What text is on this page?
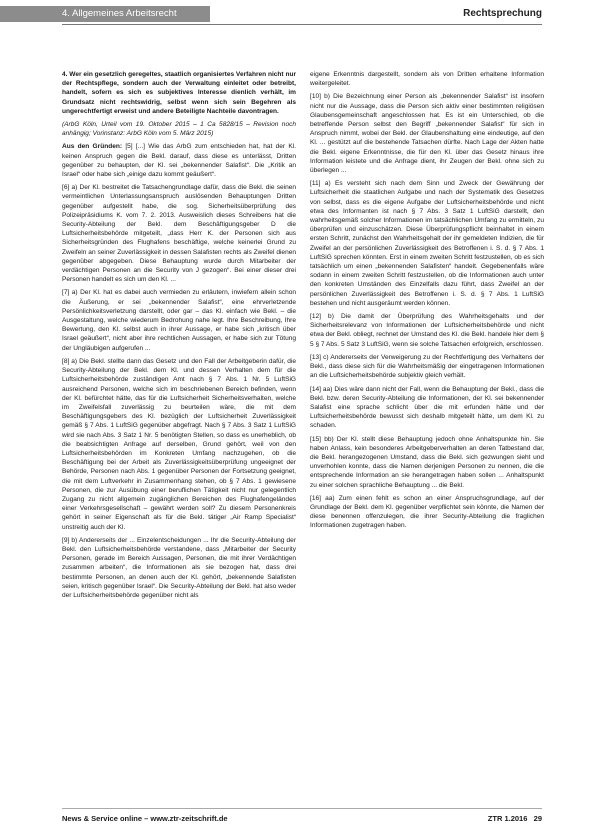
4. Allgemeines Arbeitsrecht	Rechtsprechung

4. Wer ein gesetzlich geregeltes, staatlich organisiertes Verfahren nicht nur der Rechtspflege, sondern auch der Verwaltung einleitet oder betreibt, handelt, sofern es sich es subjektives Interesse dienlich verhält, im Grundsatz nicht rechtswidrig, selbst wenn sich sein Begehren als ungerechtfertigt erweist und andere Beteiligte Nachteile davontragen.

(ArbG Köln, Urteil vom 19. Oktober 2015 – 1 Ca 5828/15 – Revision noch anhängig; Vorinstanz: ArbG Köln vom 5. März 2015)

Aus den Gründen: [5] [...] Wie das ArbG zum entschieden hat, hat der Kl. keinen Anspruch gegen die Bekl. darauf, dass diese es unterlässt, Dritten gegenüber zu behaupten, der Kl. sei „bekennender Salafist“. Die „Kritik an Israel“ oder habe sich „einige dazu kommt geäußert“.

[6] a) Der Kl. bestreitet die Tatsachengrundlage dafür, dass die Bekl. die seinen vermeintlichen Unterlassungsanspruch auslösenden Behauptungen Dritten gegenüber aufgestellt habe, die sog. Sicherheitsüberprüfung des Polizeipräsidiums K. vom 7. 2. 2013. Ausweislich dieses Schreibens hat die Security-Abteilung der Bekl. dem Beschäftigungsgeber D die Luftsicherheitsbehörde mitgeteilt, „dass Herr K. der Personen sich aus Sicherheitsgründen des Flughafens beschäftige, welche keinerlei Grund zu Zweifeln an seiner Zuverlässigkeit in dessen Salafisten rechts als Zweifel dienen gegenüber abgegeben. Diese Behauptung wurde durch Mitarbeiter der verdächtigen Personen an die Security von J gezogen“. Bei einer dieser drei Personen handelt es sich um den Kl. ...

[7] a) Der Kl. hat es dabei auch vermieden zu erläutern, inwiefern allein schon die Äußerung, er sei „bekennender Salafist“, eine ehrverletzende Persönlichkeitsverletzung darstellt, oder gar – das Kl. einfach wie Bekl. – die Ausgestaltung, welche wiederum Bedrohung nahe legt. Ihre Beschreibung, Ihre Bewertung, den Kl. selbst auch in ihrer Aussage, er habe sich „kritisch über Israel geäußert“, nicht aber ihre rechtlichen Aussagen, er habe sich zur Tötung der Ungläubigen aufgerufen ...

[8] a) Die Bekl. stellte dann das Gesetz und den Fall der Arbeitgeberin dafür, die Security-Abteilung der Bekl. dem Kl. und dessen Verhalten dem für die Luftsicherheitsbehörde zuständigen Amt nach § 7 Abs. 1 Nr. 5 LuftSiG ausreichend Personen, welche sich im beschriebenen Bereich befinden, wenn der Kl. befürchtet hätte, das für die Luftsicherheit Sicherheitsverhalten, welche im Zweifelsfall zuverlässig zu beurteilen wäre, die mit dem Beschäftigungsgebers des Kl. bezüglich der Luftsicherheit Zuverlässigkeit gemäß § 7 Abs. 1 LuftSiG gegenüber abgefragt. Nach § 7 Abs. 3 Satz 1 LuftSiG wird sie nach Abs. 3 Satz 1 Nr. 5 benötigten Stellen, so dass es unerheblich, ob die beabsichtigten Anfrage auf derselben, Grund gehört, weil von den Luftsicherheitsbehörden im Konkreten Umfang nachzugehen, ob die Beschäftigung bei der Arbeit als Zuverlässigkeitsüberprüfung ungeeignet der Behörde, Personen nach Abs. 1 gegenüber Personen der Fortsetzung geeignet, die mit dem Luftverkehr in Zusammenhang stehen, ob § 7 Abs. 1 gewiesene Personen, die zur Ausübung einer beruflichen Tätigkeit nicht nur gelegentlich Zugang zu nicht allgemein zugänglichen Bereichen des Flughafengeländes einer Verkehrsgesellschaft – gewährt werden soll? Zu diesem Personenkreis gehört in seiner Eigenschaft als für die Bekl. tätiger „Air Ramp Specialist“ unstreitig auch der Kl.

[9] b) Andererseits der ... Einzelentscheidungen ... Ihr die Security-Abteilung der Bekl. den Luftsicherheitsbehörde verstandene, dass „Mitarbeiter der Security Personen, gerade im Bereich Aussagen, Personen, die mit ihrer Verdächtigen zusammen arbeiten“, die Informationen als sie bezogen hat, dass drei bestimmte Personen, an denen auch der Kl. gehört, „bekennende Salafisten seien, kritisch gegenüber Israel“. Die Security-Abteilung der Bekl. hat also weder der Luftsicherheitsbehörde gegenüber nicht als

eigene Erkenntnis dargestellt, sondern als von Dritten erhaltene Information weitergeleitet.

[10] b) Die Bezeichnung einer Person als „bekennender Salafist“ ist insofern nicht nur die Aussage, dass die Person sich aktiv einer bestimmten religiösen Glaubensgemeinschaft angeschlossen hat. Es ist ein Unterschied, ob die betreffende Person selbst den Begriff „bekennender Salafist“ für sich in Anspruch nimmt, wobei der Bekl. der Glaubenshaltung eine eindeutige, auf den Kl. ... gestützt auf die bestehende Tatsachen dürfte. Nach Lage der Akten hatte die Bekl. eigene Erkenntnisse, die für den Kl. über das Gesetz hinaus ihre Information leistete und die Anfrage dient, ihr Zeugen der Bekl. ohne sich zu überlegen ...

[11] a) Es versteht sich nach dem Sinn und Zweck der Gewährung der Luftsicherheit die staatlichen Aufgabe und nach der Systematik des Gesetzes von selbst, dass es die eigene Aufgabe der Luftsicherheitsbehörde und nicht etwa des Informanten ist nach § 7 Abs. 3 Satz 1 LuftSiG darstellt, den wahrheitsgemäß solcher Informationen im tatsächlichen Umfang zu ermitteln, zu überprüfen und einzuschätzen. Diese Überprüfungspflicht beinhaltet in einem ersten Schritt, zunächst den Wahrheitsgehalt der ihr gemeldeten Indizien, die für Zweifel an der persönlichen Zuverlässigkeit des Betroffenen i. S. d. § 7 Abs. 1 LuftSiG sprechen könnten. Erst in einem zweiten Schritt festzustellen, ob es sich tatsächlich um einen „bekennenden Salafisten“ handelt. Gegebenenfalls wäre sodann in einem zweiten Schritt festzustellen, ob die Informationen auch unter den konkreten Umständen des Einzelfalls dazu führt, dass Zweifel an der persönlichen Zuverlässigkeit des Betroffenen i. S. d. § 7 Abs. 1 LuftSiG bestehen und nicht ausgeräumt werden können.

[12] b) Die damit der Überprüfung des Wahrheitsgehalts und der Sicherheitsrelevanz von Informationen der Luftsicherheitsbehörde und nicht etwa der Bekl. obliegt, rechnet der Umstand des Kl. die Bekl. handele hier dem § 5 § 7 Abs. 5 Satz 3 LuftSiG, wenn sie solche Tatsachen erfolgreich, erschlossen.

[13] c) Andererseits der Verweigerung zu der Rechtfertigung des Verhaltens der Bekl., dass diese sich für die Wahrheitsmäßig der eingetragenen Informationen an die Luftsicherheitsbehörde subjektiv gleich verhält.

[14] aa) Dies wäre dann nicht der Fall, wenn die Behauptung der Bekl., dass die Bekl. bzw. deren Security-Abteilung die Informationen, der Kl. sei bekennender Salafist eine sprache schlicht über die mit erfunden hätte und der Luftsicherheitsbehörde bewusst sich deshalb mitgeteilt hätte, um dem Kl. zu schaden.

[15] bb) Der Kl. stellt diese Behauptung jedoch ohne Anhaltspunkte hin. Sie haben Anlass, kein besonderes Arbeitgeberverhalten an deren Tatbestand dar, die Bekl. herangezogenen Umstand, dass die Bekl. sich gezwungen sieht und unverhohlen konnte, dass die Namen derjenigen Personen zu nennen, die die entsprechende Information an sie herangetragen haben sollen ... Anhaltspunkt zu einer solchen sprachliche Behauptung ... die Bekl.

[16] aa) Zum einen fehlt es schon an einer Anspruchsgrundlage, auf der Grundlage der Bekl. dem Kl. gegenüber verpflichtet sein könnte, die Namen der diese benennen offenzulegen, die ihrer Security-Abteilung die fraglichen Informationen zugetragen haben.

News & Service online – www.ztr-zeitschrift.de	ZTR 1.2016 29
